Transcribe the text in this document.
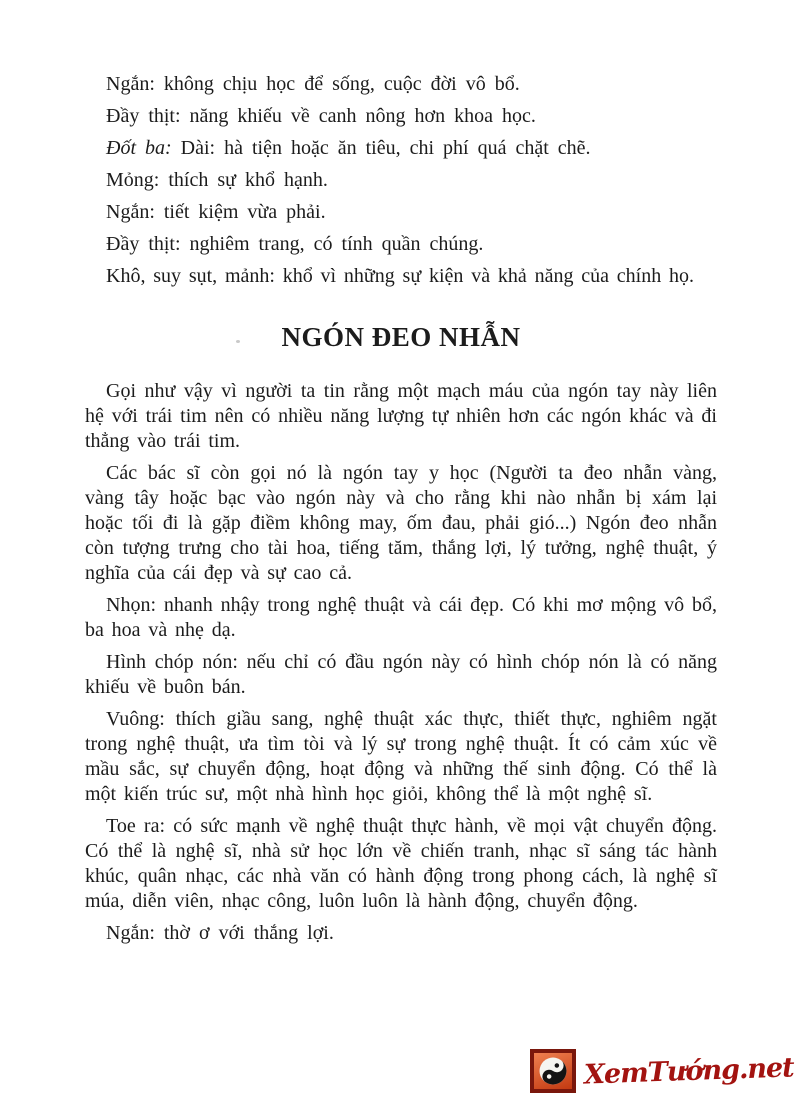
Ngắn: không chịu học để sống, cuộc đời vô bổ.

Đầy thịt: năng khiếu về canh nông hơn khoa học.

Đốt ba: Dài: hà tiện hoặc ăn tiêu, chi phí quá chặt chẽ.

Mỏng: thích sự khổ hạnh.

Ngắn: tiết kiệm vừa phải.

Đầy thịt: nghiêm trang, có tính quần chúng.

Khô, suy sụt, mảnh: khổ vì những sự kiện và khả năng của chính họ.

NGÓN ĐEO NHẪN

Gọi như vậy vì người ta tin rằng một mạch máu của ngón tay này liên hệ với trái tim nên có nhiều năng lượng tự nhiên hơn các ngón khác và đi thẳng vào trái tim.

Các bác sĩ còn gọi nó là ngón tay y học (Người ta đeo nhẫn vàng, vàng tây hoặc bạc vào ngón này và cho rằng khi nào nhẫn bị xám lại hoặc tối đi là gặp điềm không may, ốm đau, phải gió...) Ngón đeo nhẫn còn tượng trưng cho tài hoa, tiếng tăm, thắng lợi, lý tưởng, nghệ thuật, ý nghĩa của cái đẹp và sự cao cả.

Nhọn: nhanh nhậy trong nghệ thuật và cái đẹp. Có khi mơ mộng vô bổ, ba hoa và nhẹ dạ.

Hình chóp nón: nếu chỉ có đầu ngón này có hình chóp nón là có năng khiếu về buôn bán.

Vuông: thích giầu sang, nghệ thuật xác thực, thiết thực, nghiêm ngặt trong nghệ thuật, ưa tìm tòi và lý sự trong nghệ thuật. Ít có cảm xúc về mầu sắc, sự chuyển động, hoạt động và những thế sinh động. Có thể là một kiến trúc sư, một nhà hình học giỏi, không thể là một nghệ sĩ.

Toe ra: có sức mạnh về nghệ thuật thực hành, về mọi vật chuyển động. Có thể là nghệ sĩ, nhà sử học lớn về chiến tranh, nhạc sĩ sáng tác hành khúc, quân nhạc, các nhà văn có hành động trong phong cách, là nghệ sĩ múa, diễn viên, nhạc công, luôn luôn là hành động, chuyển động.

Ngắn: thờ ơ với thắng lợi.

XemTướng.net
